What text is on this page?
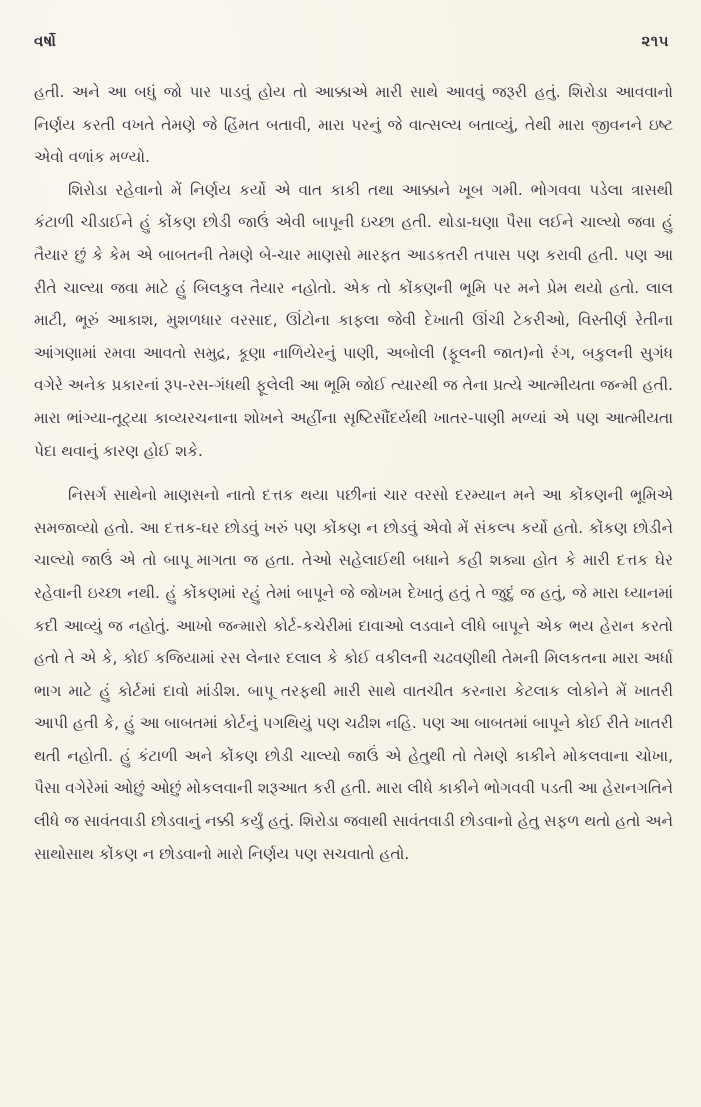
વર્ષો	૨૧૫

હતી. અને આ બધું જો પાર પાડવું હોય તો આક્કાએ મારી સાથે આવવું જરૂરી હતું. શિરોડા આવવાનો નિર્ણય કરતી વખતે તેમણે જે હિંમત બતાવી, મારા પરનું જે વાત્સલ્ય બતાવ્યું, તેથી મારા જીવનને ઇષ્ટ એવો વળાંક મળ્યો.

શિરોડા રહેવાનો મેં નિર્ણય કર્યો એ વાત કાકી તથા આક્કાને ખૂબ ગમી. ભોગવવા પડેલા ત્રાસથી કંટાળી ચીડાઈને હું કોંકણ છોડી જાઉં એવી બાપૂની ઇચ્છા હતી. થોડા-ઘણા પૈસા લઈને ચાલ્યો જવા હું તૈયાર છું કે કેમ એ બાબતની તેમણે બે-ચાર માણસો મારફત આડકતરી તપાસ પણ કરાવી હતી. પણ આ રીતે ચાલ્યા જવા માટે હું બિલકુલ તૈયાર નહોતો. એક તો કોંકણની ભૂમિ પર મને પ્રેમ થયો હતો. લાલ માટી, ભૂરું આકાશ, મુશળધાર વરસાદ, ઊંટોના કાફલા જેવી દેખાતી ઊંચી ટેકરીઓ, વિસ્તીર્ણ રેતીના આંગણામાં રમવા આવતો સમુદ્ર, કૂણા નાળિયેરનું પાણી, અબોલી (ફૂલની જાત)નો રંગ, બકુલની સુગંધ વગેરે અનેક પ્રકારનાં રૂપ-રસ-ગંધથી ફૂલેલી આ ભૂમિ જોઈ ત્યારથી જ તેના પ્રત્યે આત્મીયતા જન્મી હતી. મારા ભાંગ્યા-તૂટ્યા કાવ્યરચનાના શોખને અહીંના સૃષ્ટિસૌંદર્યથી ખાતર-પાણી મળ્યાં એ પણ આત્મીયતા પેદા થવાનું કારણ હોઈ શકે.

નિસર્ગ સાથેનો માણસનો નાતો દત્તક થયા પછીનાં ચાર વરસો દરમ્યાન મને આ કોંકણની ભૂમિએ સમજાવ્યો હતો. આ દત્તક-ઘર છોડવું ખરું પણ કોંકણ ન છોડવું એવો મેં સંકલ્પ કર્યો હતો. કોંકણ છોડીને ચાલ્યો જાઉં એ તો બાપૂ માગતા જ હતા. તેઓ સહેલાઈથી બધાને કહી શક્યા હોત કે મારી દત્તક ઘેર રહેવાની ઇચ્છા નથી. હું કોંકણમાં રહું તેમાં બાપૂને જે જોખમ દેખાતું હતું તે જુદું જ હતું, જે મારા ધ્યાનમાં કદી આવ્યું જ નહોતું. આખો જન્મારો કોર્ટ-કચેરીમાં દાવાઓ લડવાને લીધે બાપૂને એક ભય હેરાન કરતો હતો તે એ કે, કોઈ કજિયામાં રસ લેનાર દલાલ કે કોઈ વકીલની ચઢવણીથી તેમની મિલકતના મારા અર્ધા ભાગ માટે હું કોર્ટમાં દાવો માંડીશ. બાપૂ તરફથી મારી સાથે વાતચીત કરનારા કેટલાક લોકોને મેં ખાતરી આપી હતી કે, હું આ બાબતમાં કોર્ટનું પગથિયું પણ ચઢીશ નહિ. પણ આ બાબતમાં બાપૂને કોઈ રીતે ખાતરી થતી નહોતી. હું કંટાળી અને કોંકણ છોડી ચાલ્યો જાઉં એ હેતુથી તો તેમણે કાકીને મોકલવાના ચોખા, પૈસા વગેરેમાં ઓછું ઓછું મોકલવાની શરૂઆત કરી હતી. મારા લીધે કાકીને ભોગવવી પડતી આ હેરાનગતિને લીધે જ સાવંતવાડી છોડવાનું નક્કી કર્યું હતું. શિરોડા જવાથી સાવંતવાડી છોડવાનો હેતુ સફળ થતો હતો અને સાથોસાથ કોંકણ ન છોડવાનો મારો નિર્ણય પણ સચવાતો હતો.
